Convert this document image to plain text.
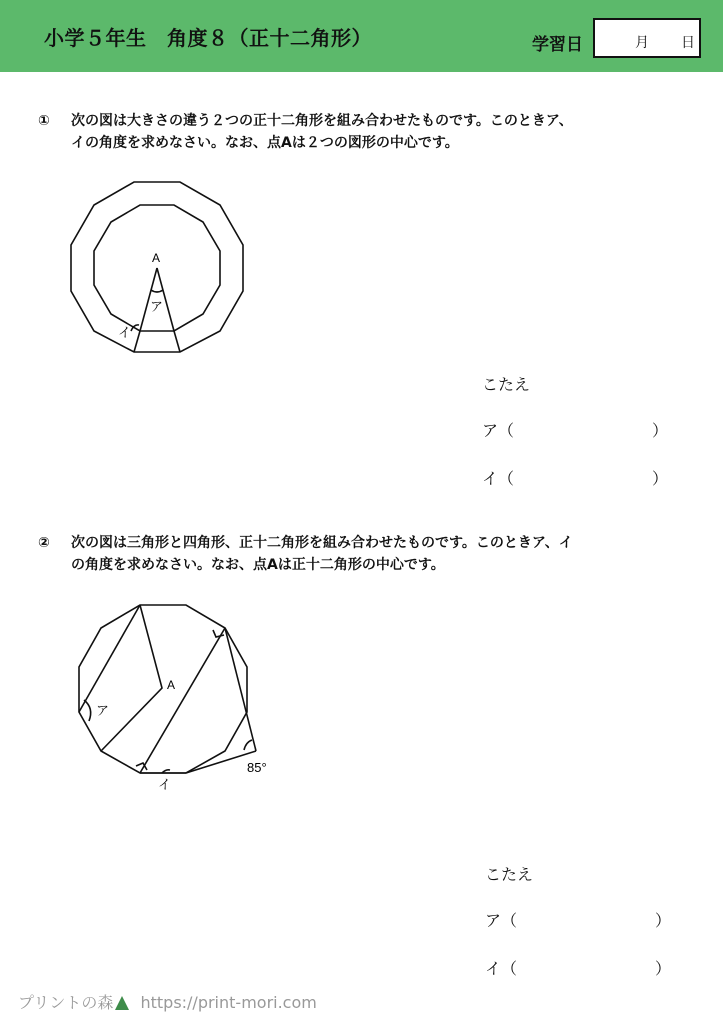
小学５年生　角度８（正十二角形）	学習日	月 日
① 次の図は大きさの違う２つの正十二角形を組み合わせたものです。このときア、
イの角度を求めなさい。なお、点Aは２つの図形の中心です。
A
ア
イ
こたえ
ア（	）
イ（	）
② 次の図は三角形と四角形、正十二角形を組み合わせたものです。このときア、イ
の角度を求めなさい。なお、点Aは正十二角形の中心です。
A
ア
イ
85°
こたえ
ア（	）
イ（	）
プリントの森 https://print-mori.com
